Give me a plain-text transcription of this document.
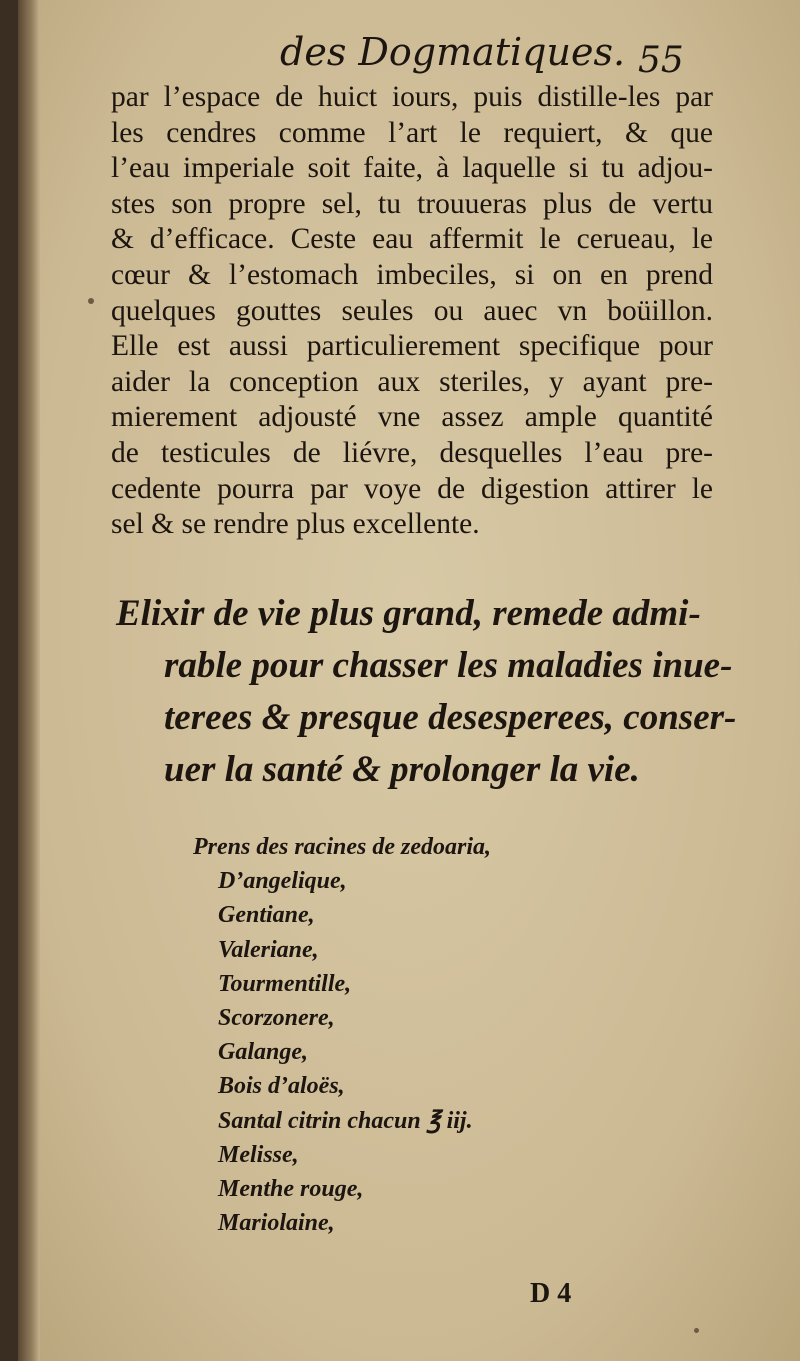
des Dogmatiques. 55
par l’espace de huict iours, puis distille-les par
les cendres comme l’art le requiert, & que
l’eau imperiale soit faite, à laquelle si tu adjou-
stes son propre sel, tu trouueras plus de vertu
& d’efficace. Ceste eau affermit le cerueau, le
cœur & l’estomach imbeciles, si on en prend
quelques gouttes seules ou auec vn boüillon.
Elle est aussi particulierement specifique pour
aider la conception aux steriles, y ayant pre-
mierement adjousté vne assez ample quantité
de testicules de liévre, desquelles l’eau pre-
cedente pourra par voye de digestion attirer le
sel & se rendre plus excellente.
Elixir de vie plus grand, remede admi-
rable pour chasser les maladies inue-
terees & presque desesperees, conser-
uer la santé & prolonger la vie.
Prens des racines de zedoaria,
D’angelique,
Gentiane,
Valeriane,
Tourmentille,
Scorzonere,
Galange,
Bois d’aloës,
Santal citrin chacun ℥ iij.
Melisse,
Menthe rouge,
Mariolaine,
D 4
